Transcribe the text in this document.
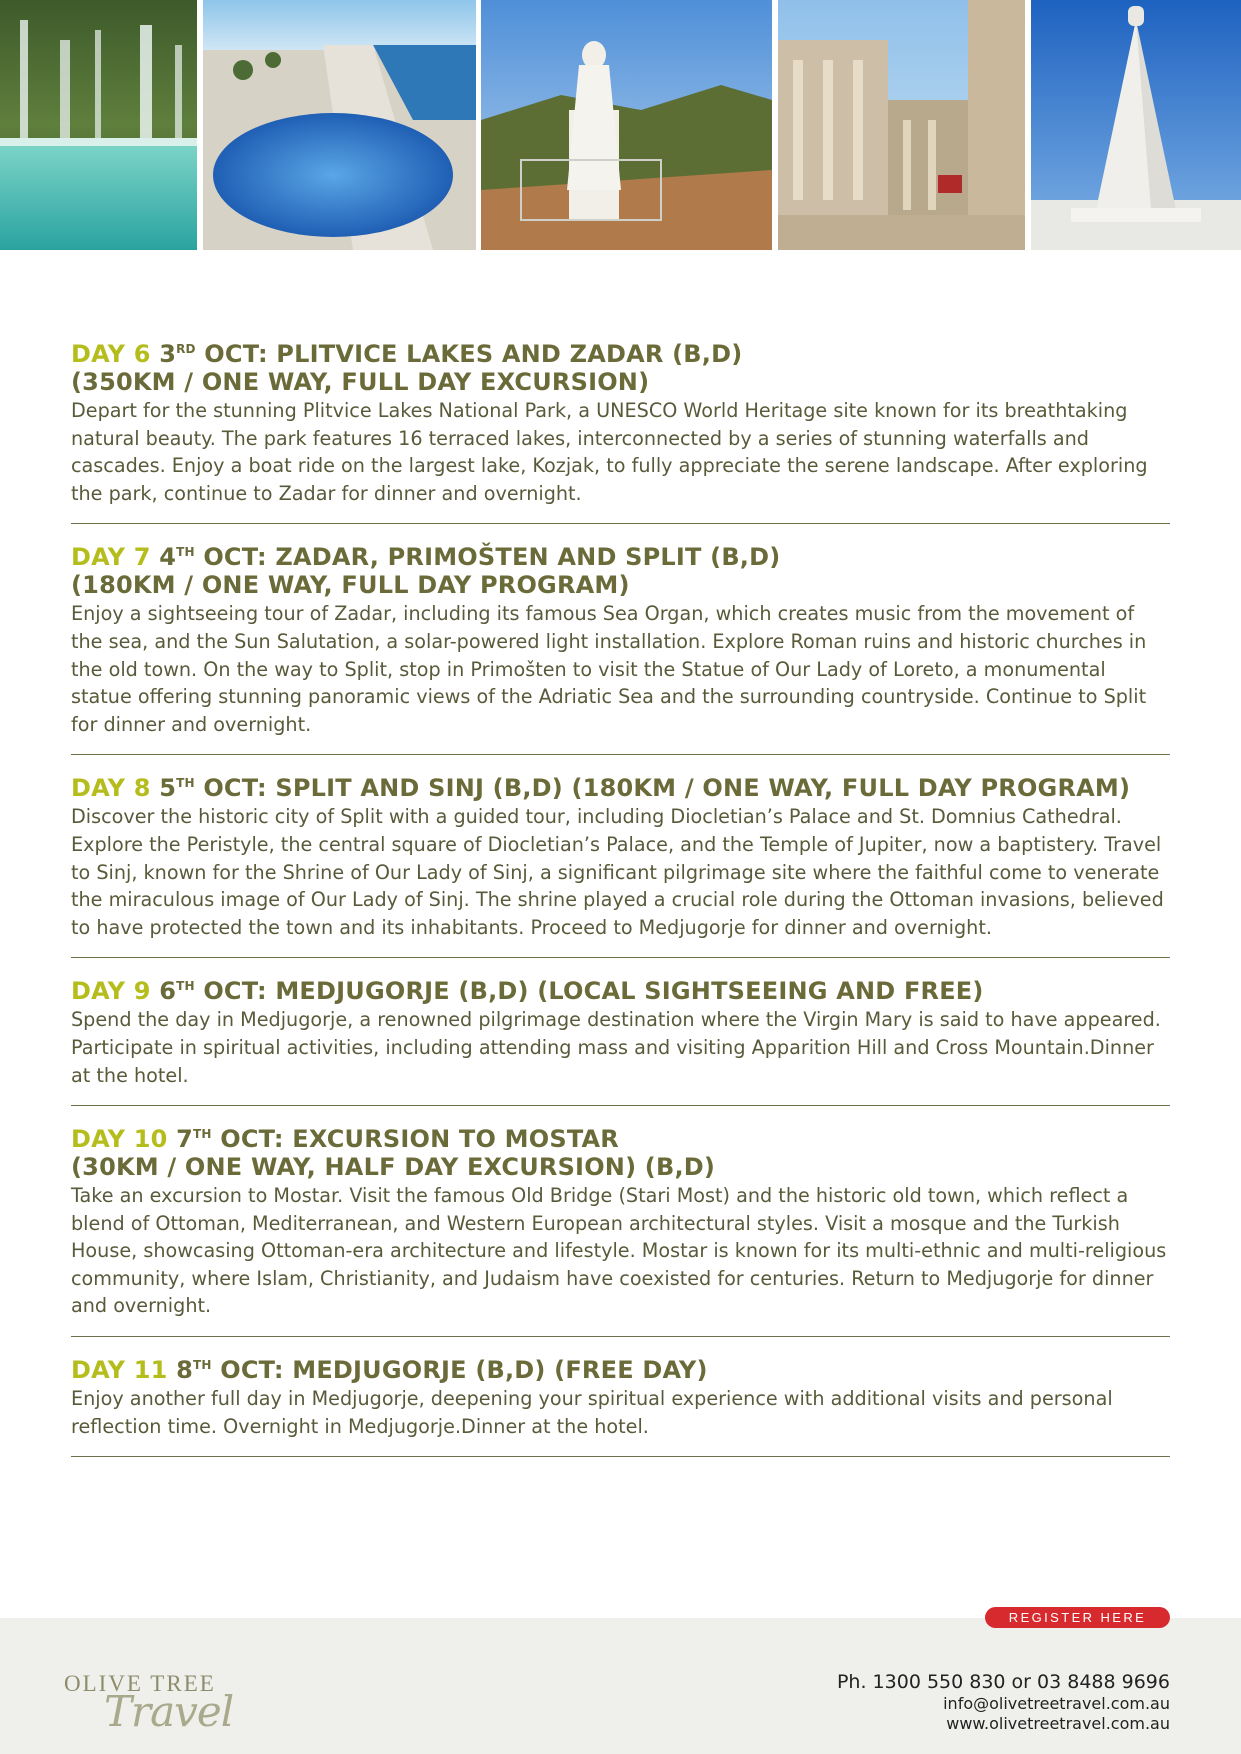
DAY 6 3RD OCT: PLITVICE LAKES AND ZADAR (B,D)
(350KM / ONE WAY, FULL DAY EXCURSION)

Depart for the stunning Plitvice Lakes National Park, a UNESCO World Heritage site known for its breathtaking natural beauty. The park features 16 terraced lakes, interconnected by a series of stunning waterfalls and cascades. Enjoy a boat ride on the largest lake, Kozjak, to fully appreciate the serene landscape. After exploring the park, continue to Zadar for dinner and overnight.

DAY 7 4TH OCT: ZADAR, PRIMOŠTEN AND SPLIT (B,D)
(180KM / ONE WAY, FULL DAY PROGRAM)

Enjoy a sightseeing tour of Zadar, including its famous Sea Organ, which creates music from the movement of the sea, and the Sun Salutation, a solar-powered light installation. Explore Roman ruins and historic churches in the old town. On the way to Split, stop in Primošten to visit the Statue of Our Lady of Loreto, a monumental statue offering stunning panoramic views of the Adriatic Sea and the surrounding countryside. Continue to Split for dinner and overnight.

DAY 8 5TH OCT: SPLIT AND SINJ (B,D) (180KM / ONE WAY, FULL DAY PROGRAM)

Discover the historic city of Split with a guided tour, including Diocletian’s Palace and St. Domnius Cathedral. Explore the Peristyle, the central square of Diocletian’s Palace, and the Temple of Jupiter, now a baptistery. Travel to Sinj, known for the Shrine of Our Lady of Sinj, a significant pilgrimage site where the faithful come to venerate the miraculous image of Our Lady of Sinj. The shrine played a crucial role during the Ottoman invasions, believed to have protected the town and its inhabitants. Proceed to Medjugorje for dinner and overnight.

DAY 9 6TH OCT: MEDJUGORJE (B,D) (LOCAL SIGHTSEEING AND FREE)

Spend the day in Medjugorje, a renowned pilgrimage destination where the Virgin Mary is said to have appeared. Participate in spiritual activities, including attending mass and visiting Apparition Hill and Cross Mountain.Dinner at the hotel.

DAY 10 7TH OCT: EXCURSION TO MOSTAR
(30KM / ONE WAY, HALF DAY EXCURSION) (B,D)

Take an excursion to Mostar. Visit the famous Old Bridge (Stari Most) and the historic old town, which reflect a blend of Ottoman, Mediterranean, and Western European architectural styles. Visit a mosque and the Turkish House, showcasing Ottoman-era architecture and lifestyle. Mostar is known for its multi-ethnic and multi-religious community, where Islam, Christianity, and Judaism have coexisted for centuries. Return to Medjugorje for dinner and overnight.

DAY 11 8TH OCT: MEDJUGORJE (B,D) (FREE DAY)

Enjoy another full day in Medjugorje, deepening your spiritual experience with additional visits and personal reflection time. Overnight in Medjugorje.Dinner at the hotel.

REGISTER HERE
OLIVE TREE
Travel
Ph. 1300 550 830 or 03 8488 9696
info@olivetreetravel.com.au
www.olivetreetravel.com.au
